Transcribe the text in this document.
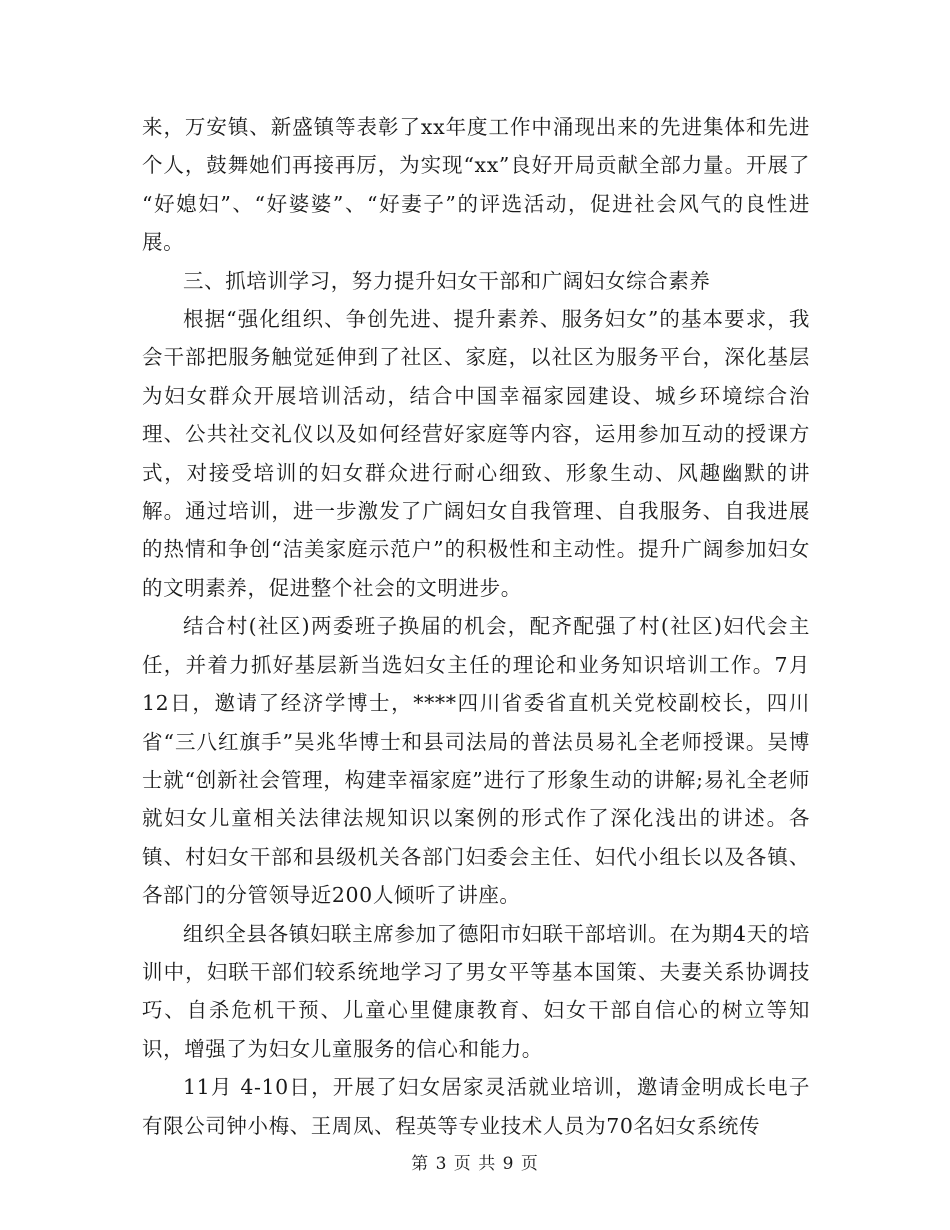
来，万安镇、新盛镇等表彰了xx年度工作中涌现出来的先进集体和先进个人，鼓舞她们再接再厉，为实现“xx”良好开局贡献全部力量。开展了 “好媳妇”、“好婆婆”、“好妻子”的评选活动，促进社会风气的良性进展。

三、抓培训学习，努力提升妇女干部和广阔妇女综合素养

根据“强化组织、争创先进、提升素养、服务妇女”的基本要求，我会干部把服务触觉延伸到了社区、家庭，以社区为服务平台，深化基层为妇女群众开展培训活动，结合中国幸福家园建设、城乡环境综合治理、公共社交礼仪以及如何经营好家庭等内容，运用参加互动的授课方式，对接受培训的妇女群众进行耐心细致、形象生动、风趣幽默的讲解。通过培训，进一步激发了广阔妇女自我管理、自我服务、自我进展的热情和争创“洁美家庭示范户”的积极性和主动性。提升广阔参加妇女的文明素养，促进整个社会的文明进步。

结合村(社区)两委班子换届的机会，配齐配强了村(社区)妇代会主任，并着力抓好基层新当选妇女主任的理论和业务知识培训工作。7月12日，邀请了经济学博士，****四川省委省直机关党校副校长，四川省“三八红旗手”吴兆华博士和县司法局的普法员易礼全老师授课。吴博士就“创新社会管理，构建幸福家庭”进行了形象生动的讲解;易礼全老师就妇女儿童相关法律法规知识以案例的形式作了深化浅出的讲述。各镇、村妇女干部和县级机关各部门妇委会主任、妇代小组长以及各镇、各部门的分管领导近200人倾听了讲座。

组织全县各镇妇联主席参加了德阳市妇联干部培训。在为期4天的培训中，妇联干部们较系统地学习了男女平等基本国策、夫妻关系协调技巧、自杀危机干预、儿童心里健康教育、妇女干部自信心的树立等知识，增强了为妇女儿童服务的信心和能力。

11月 4-10日，开展了妇女居家灵活就业培训，邀请金明成长电子有限公司钟小梅、王周凤、程英等专业技术人员为70名妇女系统传

第 3 页 共 9 页
